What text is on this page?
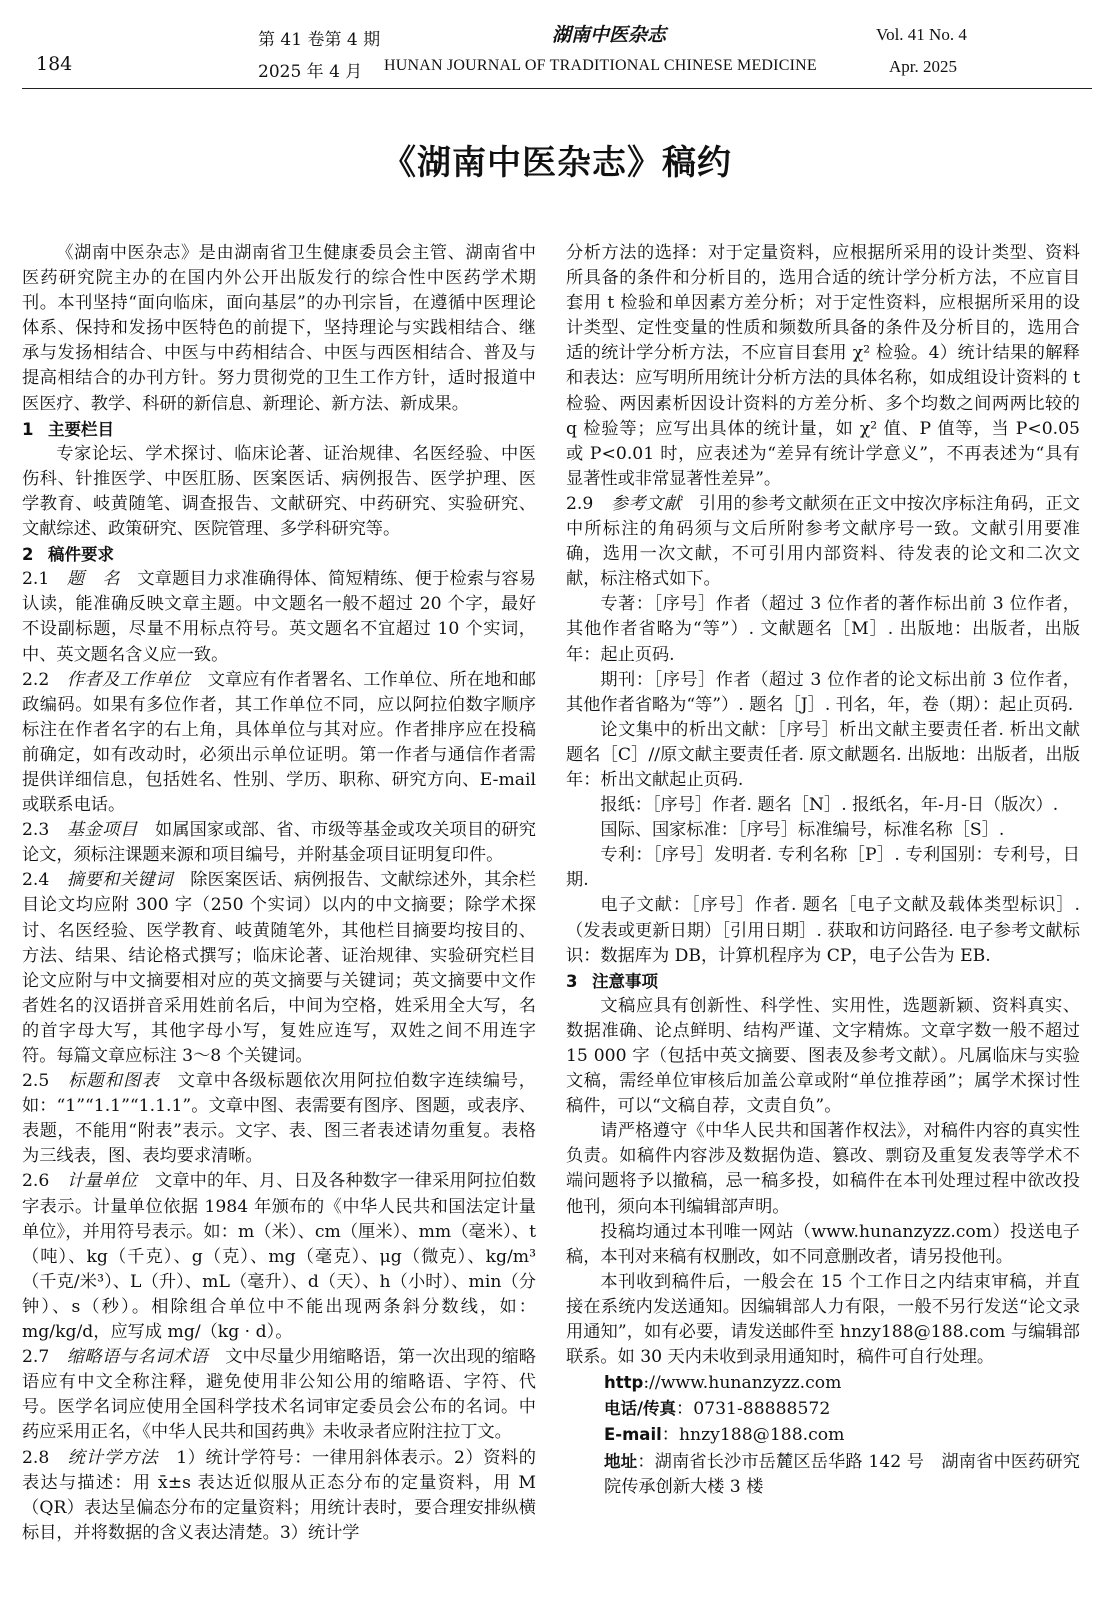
184
第 41 卷第 4 期
2025 年 4 月
湖南中医杂志
HUNAN JOURNAL OF TRADITIONAL CHINESE MEDICINE
Vol. 41 No. 4
Apr. 2025
《湖南中医杂志》稿约

《湖南中医杂志》是由湖南省卫生健康委员会主管、湖南省中医药研究院主办的在国内外公开出版发行的综合性中医药学术期刊。本刊坚持“面向临床，面向基层”的办刊宗旨，在遵循中医理论体系、保持和发扬中医特色的前提下，坚持理论与实践相结合、继承与发扬相结合、中医与中药相结合、中医与西医相结合、普及与提高相结合的办刊方针。努力贯彻党的卫生工作方针，适时报道中医医疗、教学、科研的新信息、新理论、新方法、新成果。

1 主要栏目

专家论坛、学术探讨、临床论著、证治规律、名医经验、中医伤科、针推医学、中医肛肠、医案医话、病例报告、医学护理、医学教育、岐黄随笔、调查报告、文献研究、中药研究、实验研究、文献综述、政策研究、医院管理、多学科研究等。

2 稿件要求

2.1　 题　名　 文章题目力求准确得体、简短精练、便于检索与容易认读，能准确反映文章主题。中文题名一般不超过 20 个字，最好不设副标题，尽量不用标点符号。英文题名不宜超过 10 个实词，中、英文题名含义应一致。

2.2　 作者及工作单位　 文章应有作者署名、工作单位、所在地和邮政编码。如果有多位作者，其工作单位不同，应以阿拉伯数字顺序标注在作者名字的右上角，具体单位与其对应。作者排序应在投稿前确定，如有改动时，必须出示单位证明。第一作者与通信作者需提供详细信息，包括姓名、性别、学历、职称、研究方向、E-mail 或联系电话。

2.3　 基金项目　 如属国家或部、省、市级等基金或攻关项目的研究论文，须标注课题来源和项目编号，并附基金项目证明复印件。

2.4　 摘要和关键词　 除医案医话、病例报告、文献综述外，其余栏目论文均应附 300 字（250 个实词）以内的中文摘要；除学术探讨、名医经验、医学教育、岐黄随笔外，其他栏目摘要均按目的、方法、结果、结论格式撰写；临床论著、证治规律、实验研究栏目论文应附与中文摘要相对应的英文摘要与关键词；英文摘要中文作者姓名的汉语拼音采用姓前名后，中间为空格，姓采用全大写，名的首字母大写，其他字母小写，复姓应连写，双姓之间不用连字符。每篇文章应标注 3～8 个关键词。

2.5　 标题和图表　 文章中各级标题依次用阿拉伯数字连续编号，如：“1”“1.1”“1.1.1”。文章中图、表需要有图序、图题，或表序、表题，不能用“附表”表示。文字、表、图三者表述请勿重复。表格为三线表，图、表均要求清晰。

2.6　 计量单位　 文章中的年、月、日及各种数字一律采用阿拉伯数字表示。计量单位依据 1984 年颁布的《中华人民共和国法定计量单位》，并用符号表示。如：m（米）、cm（厘米）、mm（毫米）、t（吨）、kg（千克）、g（克）、mg（毫克）、μg（微克）、kg/m³（千克/米³）、L（升）、mL（毫升）、d（天）、h（小时）、min（分钟）、s（秒）。相除组合单位中不能出现两条斜分数线，如：mg/kg/d，应写成 mg/（kg · d）。

2.7　 缩略语与名词术语　 文中尽量少用缩略语，第一次出现的缩略语应有中文全称注释，避免使用非公知公用的缩略语、字符、代号。医学名词应使用全国科学技术名词审定委员会公布的名词。中药应采用正名，《中华人民共和国药典》未收录者应附注拉丁文。

2.8　 统计学方法　 1）统计学符号：一律用斜体表示。2）资料的表达与描述：用 x̄±s 表达近似服从正态分布的定量资料，用 M（QR）表达呈偏态分布的定量资料；用统计表时，要合理安排纵横标目，并将数据的含义表达清楚。3）统计学

分析方法的选择：对于定量资料，应根据所采用的设计类型、资料所具备的条件和分析目的，选用合适的统计学分析方法，不应盲目套用 t 检验和单因素方差分析；对于定性资料，应根据所采用的设计类型、定性变量的性质和频数所具备的条件及分析目的，选用合适的统计学分析方法，不应盲目套用 χ² 检验。4）统计结果的解释和表达：应写明所用统计分析方法的具体名称，如成组设计资料的 t 检验、两因素析因设计资料的方差分析、多个均数之间两两比较的 q 检验等；应写出具体的统计量，如 χ² 值、P 值等，当 P<0.05 或 P<0.01 时，应表述为“差异有统计学意义”，不再表述为“具有显著性或非常显著性差异”。

2.9　 参考文献　 引用的参考文献须在正文中按次序标注角码，正文中所标注的角码须与文后所附参考文献序号一致。文献引用要准确，选用一次文献，不可引用内部资料、待发表的论文和二次文献，标注格式如下。

专著：［序号］作者（超过 3 位作者的著作标出前 3 位作者，其他作者省略为“等”）. 文献题名［M］. 出版地：出版者，出版年：起止页码.

期刊：［序号］作者（超过 3 位作者的论文标出前 3 位作者，其他作者省略为“等”）. 题名［J］. 刊名，年，卷（期）：起止页码.

论文集中的析出文献：［序号］析出文献主要责任者. 析出文献题名［C］//原文献主要责任者. 原文献题名. 出版地：出版者，出版年：析出文献起止页码.

报纸：［序号］作者. 题名［N］. 报纸名，年-月-日（版次）.

国际、国家标准：［序号］标准编号，标准名称［S］.

专利：［序号］发明者. 专利名称［P］. 专利国别：专利号，日期.

电子文献：［序号］作者. 题名［电子文献及载体类型标识］.（发表或更新日期）［引用日期］. 获取和访问路径. 电子参考文献标识：数据库为 DB，计算机程序为 CP，电子公告为 EB.

3 注意事项

文稿应具有创新性、科学性、实用性，选题新颖、资料真实、数据准确、论点鲜明、结构严谨、文字精炼。文章字数一般不超过 15 000 字（包括中英文摘要、图表及参考文献）。凡属临床与实验文稿，需经单位审核后加盖公章或附“单位推荐函”；属学术探讨性稿件，可以“文稿自荐，文责自负”。

请严格遵守《中华人民共和国著作权法》，对稿件内容的真实性负责。如稿件内容涉及数据伪造、篡改、剽窃及重复发表等学术不端问题将予以撤稿，忌一稿多投，如稿件在本刊处理过程中欲改投他刊，须向本刊编辑部声明。

投稿均通过本刊唯一网站（www.hunanzyzz.com）投送电子稿，本刊对来稿有权删改，如不同意删改者，请另投他刊。

本刊收到稿件后，一般会在 15 个工作日之内结束审稿，并直接在系统内发送通知。因编辑部人力有限，一般不另行发送“论文录用通知”，如有必要，请发送邮件至 hnzy188@188.com 与编辑部联系。如 30 天内未收到录用通知时，稿件可自行处理。

http://www.hunanzyzz.com

电话/传真：0731-88888572

E-mail：hnzy188@188.com

地址：湖南省长沙市岳麓区岳华路 142 号　湖南省中医药研究院传承创新大楼 3 楼
